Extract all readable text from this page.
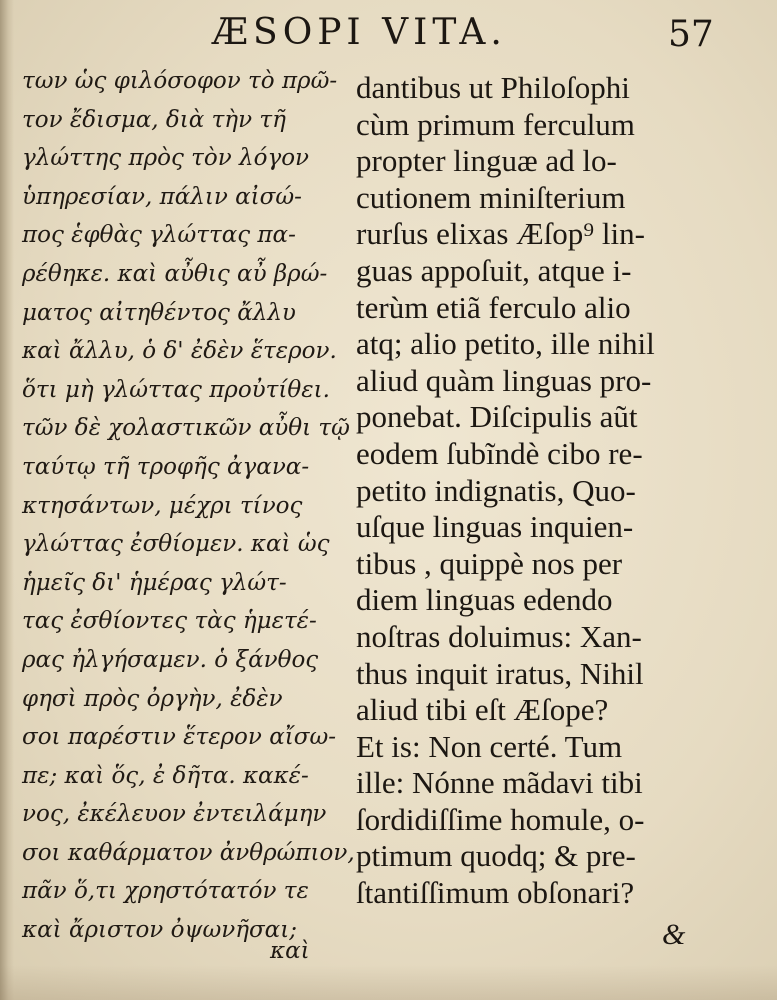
ÆSOPI VITA.	57
των ὡς φιλόσοφον τὸ πρῶ-
τον ἔδισμα, διὰ τὴν τῆ
γλώττης πρὸς τὸν λόγον
ὑπηρεσίαν, πάλιν αἰσώ-
πος ἑφθὰς γλώττας πα-
ρέθηκε. καὶ αὖθις αὖ βρώ-
ματος αἰτηθέντος ἄλλυ
καὶ ἄλλυ, ὁ δ' ἐδὲν ἕτερον.
ὅτι μὴ γλώττας προὐτίθει.
τῶν δὲ χολαστικῶν αὖθι τῷ
ταύτῳ τῆ τροφῆς ἀγανα-
κτησάντων, μέχρι τίνος
γλώττας ἐσθίομεν. καὶ ὡς
ἡμεῖς δι' ἡμέρας γλώτ-
τας ἐσθίοντες τὰς ἡμετέ-
ρας ἠλγήσαμεν. ὁ ξάνθος
φησὶ πρὸς ὀργὴν, ἐδὲν
σοι παρέστιν ἕτερον αἴσω-
πε; καὶ ὅς, ἐ δῆτα. κακέ-
νος, ἐκέλευον ἐντειλάμην
σοι καθάρματον ἀνθρώπιον,
πᾶν ὅ,τι χρηστότατόν τε
καὶ ἄριστον ὀψωνῆσαι;
καὶ
dantibus ut Philoſophi
cùm primum ferculum
propter linguæ ad lo-
cutionem miniſterium
rurſus elixas Æſop⁹ lin-
guas appoſuit, atque i-
terùm etiã ferculo alio
atq; alio petito, ille nihil
aliud quàm linguas pro-
ponebat. Diſcipulis aũt
eodem ſubĩndè cibo re-
petito indignatis, Quo-
uſque linguas inquien-
tibus , quippè nos per
diem linguas edendo
noſtras doluimus: Xan-
thus inquit iratus, Nihil
aliud tibi eſt Æſope?
Et is: Non certé. Tum
ille: Nónne mãdavi tibi
ſordidiſſime homule, o-
ptimum quodq; & pre-
ſtantiſſimum obſonari?
&
